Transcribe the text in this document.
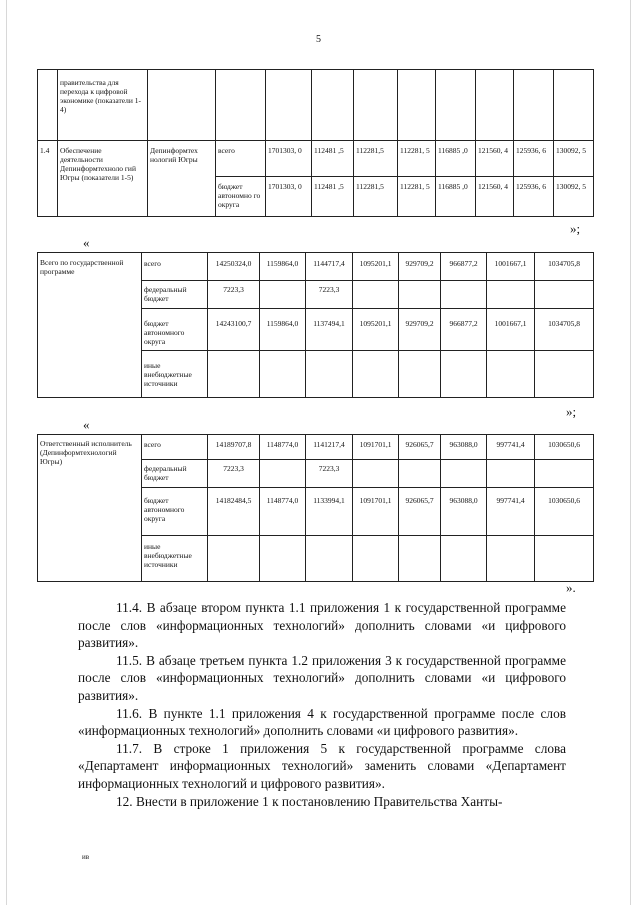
5
	правительства для перехода к цифровой экономике (показатели 1-4)										
1.4	Обеспечение деятельности Депинформтехноло гий Югры (показатели 1-5)	Депинформтех нологий Югры	всего	1701303, 0	112481 ,5	112281,5	112281, 5	116885 ,0	121560, 4	125936, 6	130092, 5
			бюджет автономно го округа	1701303, 0	112481 ,5	112281,5	112281, 5	116885 ,0	121560, 4	125936, 6	130092, 5
»;
«
Всего по государственной программе	всего	14250324,0	1159864,0	1144717,4	1095201,1	929709,2	966877,2	1001667,1	1034705,8
	федеральный бюджет	7223,3		7223,3					
	бюджет автономного округа	14243100,7	1159864,0	1137494,1	1095201,1	929709,2	966877,2	1001667,1	1034705,8
	иные внебюджетные источники								
»;
«
Ответственный исполнитель (Депинформтехнологий Югры)	всего	14189707,8	1148774,0	1141217,4	1091701,1	926065,7	963088,0	997741,4	1030650,6
	федеральный бюджет	7223,3		7223,3					
	бюджет автономного округа	14182484,5	1148774,0	1133994,1	1091701,1	926065,7	963088,0	997741,4	1030650,6
	иные внебюджетные источники								
».

11.4. В абзаце втором пункта 1.1 приложения 1 к государственной программе после слов «информационных технологий» дополнить словами «и цифрового развития».

11.5. В абзаце третьем пункта 1.2 приложения 3 к государственной программе после слов «информационных технологий» дополнить словами «и цифрового развития».

11.6. В пункте 1.1 приложения 4 к государственной программе после слов «информационных технологий» дополнить словами «и цифрового развития».

11.7. В строке 1 приложения 5 к государственной программе слова «Департамент информационных технологий» заменить словами «Департамент информационных технологий и цифрового развития».

12. Внести в приложение 1 к постановлению Правительства Ханты-

ив
